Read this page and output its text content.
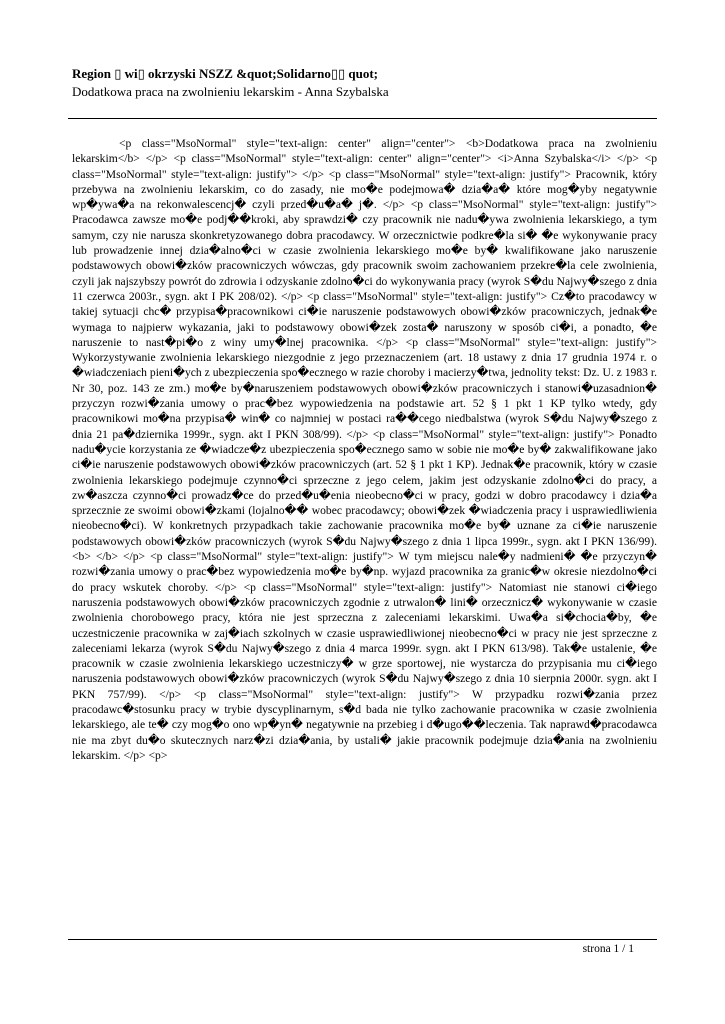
Region ▯ wi▯ okrzyski NSZZ &quot;Solidarno▯▯ quot;

Dodatkowa praca na zwolnieniu lekarskim - Anna Szybalska

<p class="MsoNormal" style="text-align: center" align="center"> <b>Dodatkowa praca na zwolnieniu lekarskim</b> </p> <p class="MsoNormal" style="text-align: center" align="center"> <i>Anna Szybalska</i> </p> <p class="MsoNormal" style="text-align: justify"> </p> <p class="MsoNormal" style="text-align: justify"> Pracownik, który przebywa na zwolnieniu lekarskim, co do zasady, nie mo�e podejmowa� dzia�a� które mog�yby negatywnie wp�ywa�a na rekonwalescencj� czyli przed�u�a� j�. </p> <p class="MsoNormal" style="text-align: justify"> Pracodawca zawsze mo�e podj��kroki, aby sprawdzi� czy pracownik nie nadu�ywa zwolnienia lekarskiego, a tym samym, czy nie narusza skonkretyzowanego dobra pracodawcy. W orzecznictwie podkre�la si� �e wykonywanie pracy lub prowadzenie innej dzia�alno�ci w czasie zwolnienia lekarskiego mo�e by� kwalifikowane jako naruszenie podstawowych obowi�zków pracowniczych wówczas, gdy pracownik swoim zachowaniem przekre�la cele zwolnienia, czyli jak najszybszy powrót do zdrowia i odzyskanie zdolno�ci do wykonywania pracy (wyrok S�du Najwy�szego z dnia 11 czerwca 2003r., sygn. akt I PK 208/02). </p> <p class="MsoNormal" style="text-align: justify"> Cz�to pracodawcy w takiej sytuacji chc� przypisa�pracownikowi ci�ie naruszenie podstawowych obowi�zków pracowniczych, jednak�e wymaga to najpierw wykazania, jaki to podstawowy obowi�zek zosta� naruszony w sposób ci�i, a ponadto, �e naruszenie to nast�pi�o z winy umy�lnej pracownika. </p> <p class="MsoNormal" style="text-align: justify"> Wykorzystywanie zwolnienia lekarskiego niezgodnie z jego przeznaczeniem (art. 18 ustawy z dnia 17 grudnia 1974 r. o �wiadczeniach pieni�ych z ubezpieczenia spo�ecznego w razie choroby i macierzy�twa, jednolity tekst: Dz. U. z 1983 r. Nr 30, poz. 143 ze zm.) mo�e by�naruszeniem podstawowych obowi�zków pracowniczych i stanowi�uzasadnion� przyczyn rozwi�zania umowy o prac�bez wypowiedzenia na podstawie art. 52 § 1 pkt 1 KP tylko wtedy, gdy pracownikowi mo�na przypisa� win� co najmniej w postaci ra��cego niedbalstwa (wyrok S�du Najwy�szego z dnia 21 pa�dziernika 1999r., sygn. akt I PKN 308/99). </p> <p class="MsoNormal" style="text-align: justify"> Ponadto nadu�ycie korzystania ze �wiadcze�z ubezpieczenia spo�ecznego samo w sobie nie mo�e by� zakwalifikowane jako ci�ie naruszenie podstawowych obowi�zków pracowniczych (art. 52 § 1 pkt 1 KP). Jednak�e pracownik, który w czasie zwolnienia lekarskiego podejmuje czynno�ci sprzeczne z jego celem, jakim jest odzyskanie zdolno�ci do pracy, a zw�aszcza czynno�ci prowadz�ce do przed�u�enia nieobecno�ci w pracy, godzi w dobro pracodawcy i dzia�a sprzecznie ze swoimi obowi�zkami (lojalno�� wobec pracodawcy; obowi�zek �wiadczenia pracy i usprawiedliwienia nieobecno�ci). W konkretnych przypadkach takie zachowanie pracownika mo�e by� uznane za ci�ie naruszenie podstawowych obowi�zków pracowniczych (wyrok S�du Najwy�szego z dnia 1 lipca 1999r., sygn. akt I PKN 136/99). <b> </b> </p> <p class="MsoNormal" style="text-align: justify"> W tym miejscu nale�y nadmieni� �e przyczyn� rozwi�zania umowy o prac�bez wypowiedzenia mo�e by�np. wyjazd pracownika za granic�w okresie niezdolno�ci do pracy wskutek choroby. </p> <p class="MsoNormal" style="text-align: justify"> Natomiast nie stanowi ci�iego naruszenia podstawowych obowi�zków pracowniczych zgodnie z utrwalon� lini� orzecznicz� wykonywanie w czasie zwolnienia chorobowego pracy, która nie jest sprzeczna z zaleceniami lekarskimi. Uwa�a si�chocia�by, �e uczestniczenie pracownika w zaj�iach szkolnych w czasie usprawiedliwionej nieobecno�ci w pracy nie jest sprzeczne z zaleceniami lekarza (wyrok S�du Najwy�szego z dnia 4 marca 1999r. sygn. akt I PKN 613/98). Tak�e ustalenie, �e pracownik w czasie zwolnienia lekarskiego uczestniczy� w grze sportowej, nie wystarcza do przypisania mu ci�iego naruszenia podstawowych obowi�zków pracowniczych (wyrok S�du Najwy�szego z dnia 10 sierpnia 2000r. sygn. akt I PKN 757/99). </p> <p class="MsoNormal" style="text-align: justify"> W przypadku rozwi�zania przez pracodawc�stosunku pracy w trybie dyscyplinarnym, s�d bada nie tylko zachowanie pracownika w czasie zwolnienia lekarskiego, ale te� czy mog�o ono wp�yn� negatywnie na przebieg i d�ugo��leczenia. Tak naprawd�pracodawca nie ma zbyt du�o skutecznych narz�zi dzia�ania, by ustali� jakie pracownik podejmuje dzia�ania na zwolnieniu lekarskim. </p> <p>

strona 1 / 1
